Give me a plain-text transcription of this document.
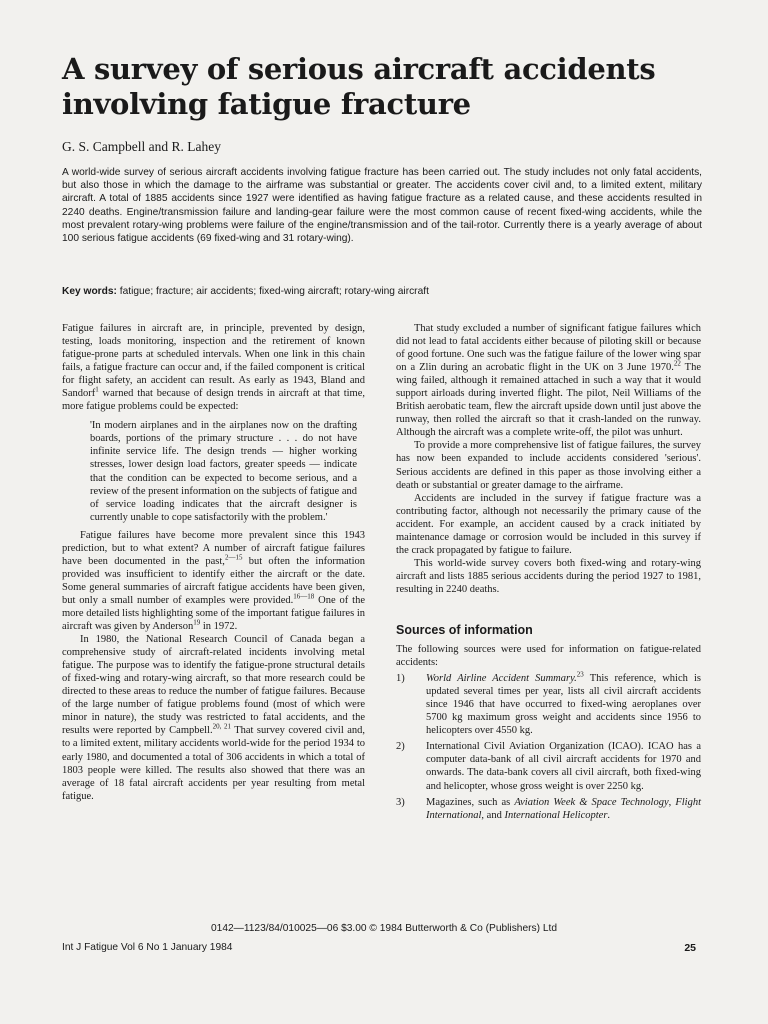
A survey of serious aircraft accidents involving fatigue fracture
G. S. Campbell and R. Lahey
A world-wide survey of serious aircraft accidents involving fatigue fracture has been carried out. The study includes not only fatal accidents, but also those in which the damage to the airframe was substantial or greater. The accidents cover civil and, to a limited extent, military aircraft. A total of 1885 accidents since 1927 were identified as having fatigue fracture as a related cause, and these accidents resulted in 2240 deaths. Engine/transmission failure and landing-gear failure were the most common cause of recent fixed-wing accidents, while the most prevalent rotary-wing problems were failure of the engine/transmission and of the tail-rotor. Currently there is a yearly average of about 100 serious fatigue accidents (69 fixed-wing and 31 rotary-wing).
Key words: fatigue; fracture; air accidents; fixed-wing aircraft; rotary-wing aircraft

Fatigue failures in aircraft are, in principle, prevented by design, testing, loads monitoring, inspection and the retirement of known fatigue-prone parts at scheduled intervals. When one link in this chain fails, a fatigue fracture can occur and, if the failed component is critical for flight safety, an accident can result. As early as 1943, Bland and Sandorf$^1$ warned that because of design trends in aircraft at that time, more fatigue problems could be expected:

'In modern airplanes and in the airplanes now on the drafting boards, portions of the primary structure . . . do not have infinite service life. The design trends — higher working stresses, lower design load factors, greater speeds — indicate that the condition can be expected to become serious, and a review of the present information on the subjects of fatigue and of service loading indicates that the aircraft designer is currently unable to cope satisfactorily with the problem.'

Fatigue failures have become more prevalent since this 1943 prediction, but to what extent? A number of aircraft fatigue failures have been documented in the past,$^{2—15}$ but often the information provided was insufficient to identify either the aircraft or the date. Some general summaries of aircraft fatigue accidents have been given, but only a small number of examples were provided.$^{16—18}$ One of the more detailed lists highlighting some of the important fatigue failures in aircraft was given by Anderson$^{19}$ in 1972.

In 1980, the National Research Council of Canada began a comprehensive study of aircraft-related incidents involving metal fatigue. The purpose was to identify the fatigue-prone structural details of fixed-wing and rotary-wing aircraft, so that more research could be directed to these areas to reduce the number of fatigue failures. Because of the large number of fatigue problems found (most of which were minor in nature), the study was restricted to fatal accidents, and the results were reported by Campbell.$^{20, 21}$ That survey covered civil and, to a limited extent, military accidents world-wide for the period 1934 to early 1980, and documented a total of 306 accidents in which a total of 1803 people were killed. The results also showed that there was an average of 18 fatal aircraft accidents per year resulting from metal fatigue.

That study excluded a number of significant fatigue failures which did not lead to fatal accidents either because of piloting skill or because of good fortune. One such was the fatigue failure of the lower wing spar on a Zlin during an acrobatic flight in the UK on 3 June 1970.22 The wing failed, although it remained attached in such a way that it would support airloads during inverted flight. The pilot, Neil Williams of the British aerobatic team, flew the aircraft upside down until just above the runway, then rolled the aircraft so that it crash-landed on the runway. Although the aircraft was a complete write-off, the pilot was unhurt.

To provide a more comprehensive list of fatigue failures, the survey has now been expanded to include accidents considered 'serious'. Serious accidents are defined in this paper as those involving either a death or substantial or greater damage to the airframe.

Accidents are included in the survey if fatigue fracture was a contributing factor, although not necessarily the primary cause of the accident. For example, an accident caused by a crack initiated by maintenance damage or corrosion would be included in this survey if the crack propagated by fatigue to failure.

This world-wide survey covers both fixed-wing and rotary-wing aircraft and lists 1885 serious accidents during the period 1927 to 1981, resulting in 2240 deaths.

Sources of information

The following sources were used for information on fatigue-related accidents:

1) World Airline Accident Summary.$^{23}$ This reference, which is updated several times per year, lists all civil aircraft accidents since 1946 that have occurred to fixed-wing aeroplanes over 5700 kg maximum gross weight and accidents since 1956 to helicopters over 4550 kg.

2) International Civil Aviation Organization (ICAO). ICAO has a computer data-bank of all civil aircraft accidents for 1970 and onwards. The data-bank covers all civil aircraft, both fixed-wing and helicopter, whose gross weight is over 2250 kg.

3) Magazines, such as Aviation Week & Space Technology, Flight International, and International Helicopter.

0142—1123/84/010025—06 $3.00 © 1984 Butterworth & Co (Publishers) Ltd
Int J Fatigue Vol 6 No 1 January 1984	25
